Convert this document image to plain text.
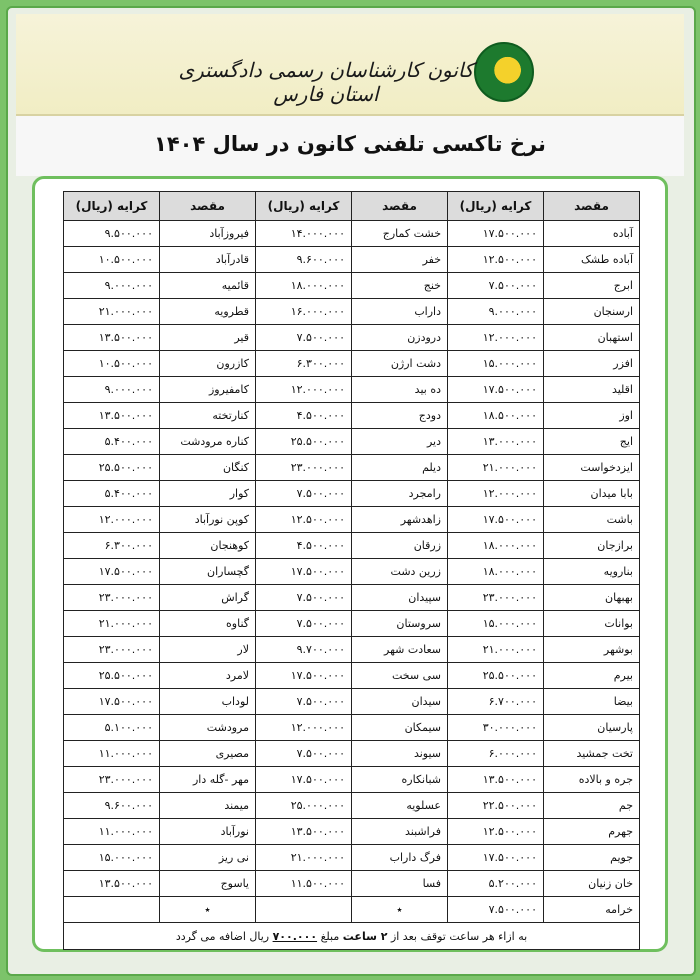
کانون کارشناسان رسمی دادگستری استان فارس
نرخ تاکسی تلفنی کانون در سال ۱۴۰۴
مقصد	کرایه (ریال)	مقصد	کرایه (ریال)	مقصد	کرایه (ریال)
آباده	۱۷.۵۰۰.۰۰۰	خشت کمارج	۱۴.۰۰۰.۰۰۰	فیروزآباد	۹.۵۰۰.۰۰۰
آباده طشک	۱۲.۵۰۰.۰۰۰	خفر	۹.۶۰۰.۰۰۰	قادرآباد	۱۰.۵۰۰.۰۰۰
ابرج	۷.۵۰۰.۰۰۰	خنج	۱۸.۰۰۰.۰۰۰	قائمیه	۹.۰۰۰.۰۰۰
ارسنجان	۹.۰۰۰.۰۰۰	داراب	۱۶.۰۰۰.۰۰۰	قطرویه	۲۱.۰۰۰.۰۰۰
استهبان	۱۲.۰۰۰.۰۰۰	درودزن	۷.۵۰۰.۰۰۰	قیر	۱۳.۵۰۰.۰۰۰
افزر	۱۵.۰۰۰.۰۰۰	دشت ارژن	۶.۳۰۰.۰۰۰	کازرون	۱۰.۵۰۰.۰۰۰
اقلید	۱۷.۵۰۰.۰۰۰	ده بید	۱۲.۰۰۰.۰۰۰	کامفیروز	۹.۰۰۰.۰۰۰
اوز	۱۸.۵۰۰.۰۰۰	دودج	۴.۵۰۰.۰۰۰	کنارتخته	۱۳.۵۰۰.۰۰۰
ایج	۱۳.۰۰۰.۰۰۰	دیر	۲۵.۵۰۰.۰۰۰	کناره مرودشت	۵.۴۰۰.۰۰۰
ایزدخواست	۲۱.۰۰۰.۰۰۰	دیلم	۲۳.۰۰۰.۰۰۰	کنگان	۲۵.۵۰۰.۰۰۰
بابا میدان	۱۲.۰۰۰.۰۰۰	رامجرد	۷.۵۰۰.۰۰۰	کوار	۵.۴۰۰.۰۰۰
باشت	۱۷.۵۰۰.۰۰۰	زاهدشهر	۱۲.۵۰۰.۰۰۰	کوپن نورآباد	۱۲.۰۰۰.۰۰۰
برازجان	۱۸.۰۰۰.۰۰۰	زرقان	۴.۵۰۰.۰۰۰	کوهنجان	۶.۳۰۰.۰۰۰
بنارویه	۱۸.۰۰۰.۰۰۰	زرین دشت	۱۷.۵۰۰.۰۰۰	گچساران	۱۷.۵۰۰.۰۰۰
بهبهان	۲۳.۰۰۰.۰۰۰	سپیدان	۷.۵۰۰.۰۰۰	گراش	۲۳.۰۰۰.۰۰۰
بوانات	۱۵.۰۰۰.۰۰۰	سروستان	۷.۵۰۰.۰۰۰	گناوه	۲۱.۰۰۰.۰۰۰
بوشهر	۲۱.۰۰۰.۰۰۰	سعادت شهر	۹.۷۰۰.۰۰۰	لار	۲۳.۰۰۰.۰۰۰
بیرم	۲۵.۵۰۰.۰۰۰	سی سخت	۱۷.۵۰۰.۰۰۰	لامرد	۲۵.۵۰۰.۰۰۰
بیضا	۶.۷۰۰.۰۰۰	سیدان	۷.۵۰۰.۰۰۰	لوداب	۱۷.۵۰۰.۰۰۰
پارسیان	۳۰.۰۰۰.۰۰۰	سیمکان	۱۲.۰۰۰.۰۰۰	مرودشت	۵.۱۰۰.۰۰۰
تخت جمشید	۶.۰۰۰.۰۰۰	سیوند	۷.۵۰۰.۰۰۰	مصیری	۱۱.۰۰۰.۰۰۰
جره و بالاده	۱۳.۵۰۰.۰۰۰	شبانکاره	۱۷.۵۰۰.۰۰۰	مهر -گله دار	۲۳.۰۰۰.۰۰۰
جم	۲۲.۵۰۰.۰۰۰	عسلویه	۲۵.۰۰۰.۰۰۰	میمند	۹.۶۰۰.۰۰۰
جهرم	۱۲.۵۰۰.۰۰۰	فراشبند	۱۳.۵۰۰.۰۰۰	نورآباد	۱۱.۰۰۰.۰۰۰
جویم	۱۷.۵۰۰.۰۰۰	فرگ داراب	۲۱.۰۰۰.۰۰۰	نی ریز	۱۵.۰۰۰.۰۰۰
خان زنیان	۵.۲۰۰.۰۰۰	فسا	۱۱.۵۰۰.۰۰۰	یاسوج	۱۳.۵۰۰.۰۰۰
خرامه	۷.۵۰۰.۰۰۰	٭		٭	
به ازاء هر ساعت توقف بعد از ۲ ساعت مبلغ ۷۰۰.۰۰۰ ریال اضافه می گردد					
